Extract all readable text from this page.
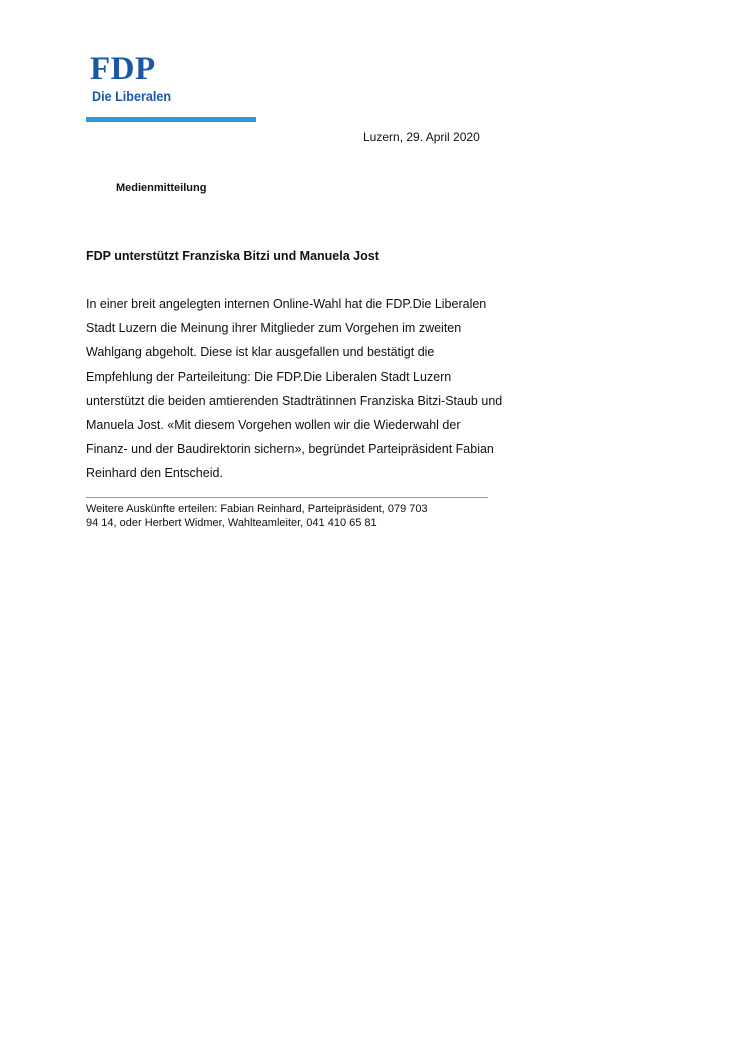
FDP
Die Liberalen
Luzern, 29. April 2020
Medienmitteilung
FDP unterstützt Franziska Bitzi und Manuela Jost

In einer breit angelegten internen Online-Wahl hat die FDP.Die Liberalen
Stadt Luzern die Meinung ihrer Mitglieder zum Vorgehen im zweiten
Wahlgang abgeholt. Diese ist klar ausgefallen und bestätigt die
Empfehlung der Parteileitung: Die FDP.Die Liberalen Stadt Luzern
unterstützt die beiden amtierenden Stadträtinnen Franziska Bitzi-Staub und
Manuela Jost. «Mit diesem Vorgehen wollen wir die Wiederwahl der
Finanz- und der Baudirektorin sichern», begründet Parteipräsident Fabian
Reinhard den Entscheid.

Weitere Auskünfte erteilen: Fabian Reinhard, Parteipräsident, 079 703
94 14, oder Herbert Widmer, Wahlteamleiter, 041 410 65 81
